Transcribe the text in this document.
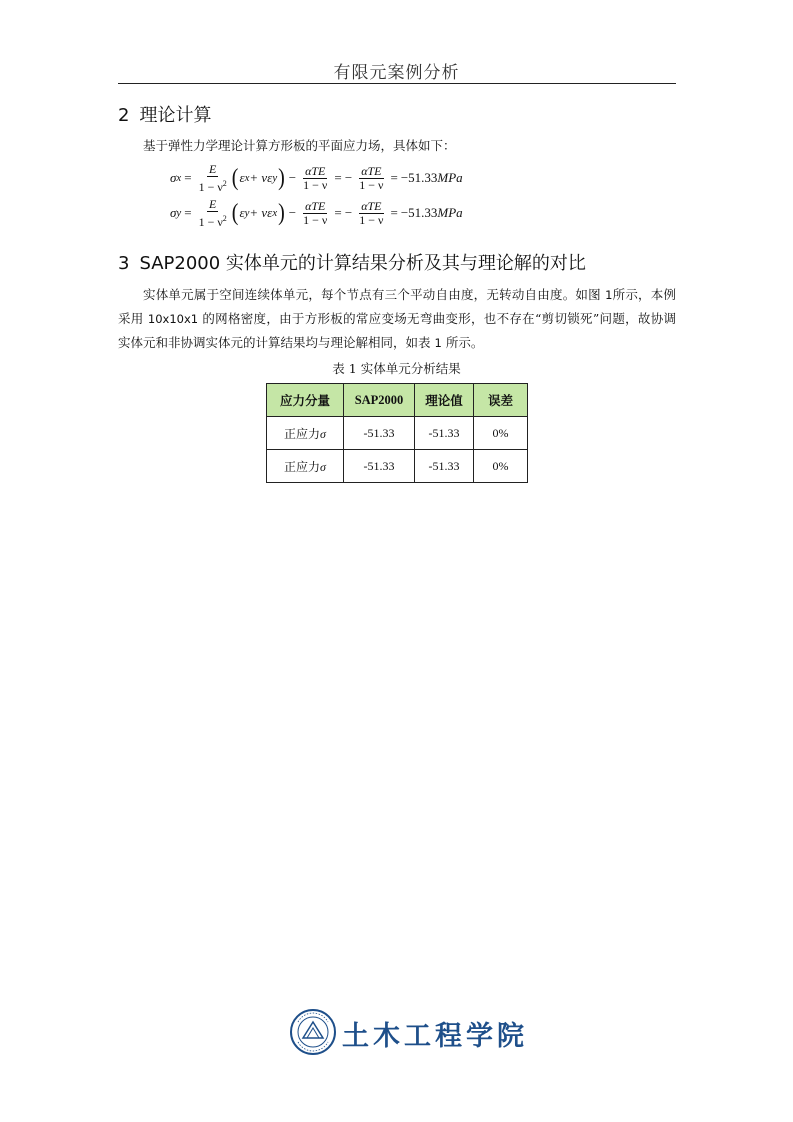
有限元案例分析
2 理论计算
基于弹性力学理论计算方形板的平面应力场，具体如下：
σ $x = \frac{E}{1 - \nu^2}$ ( ε x + νε y ) − $\frac{\text{αTE}}{1 - \nu}$ = − $\frac{\text{αTE}}{1 - \nu} = -51.33$ MPa
σ $y = \frac{E}{1 - \nu^2}$ ( ε y + νε x ) − $\frac{\text{αTE}}{1 - \nu}$ = − $\frac{\text{αTE}}{1 - \nu} = -51.33$ MPa
3 SAP2000 实体单元的计算结果分析及其与理论解的对比
实体单元属于空间连续体单元，每个节点有三个平动自由度，无转动自由度。如图 1所示，本例采用 10x10x1 的网格密度，由于方形板的常应变场无弯曲变形，也不存在“剪切锁死”问题，故协调实体元和非协调实体元的计算结果均与理论解相同，如表 1 所示。
表 1 实体单元分析结果
应力分量	SAP2000	理论值	误差
正应力σ	-51.33	-51.33	0%
正应力σ	-51.33	-51.33	0%
土木工程学院
